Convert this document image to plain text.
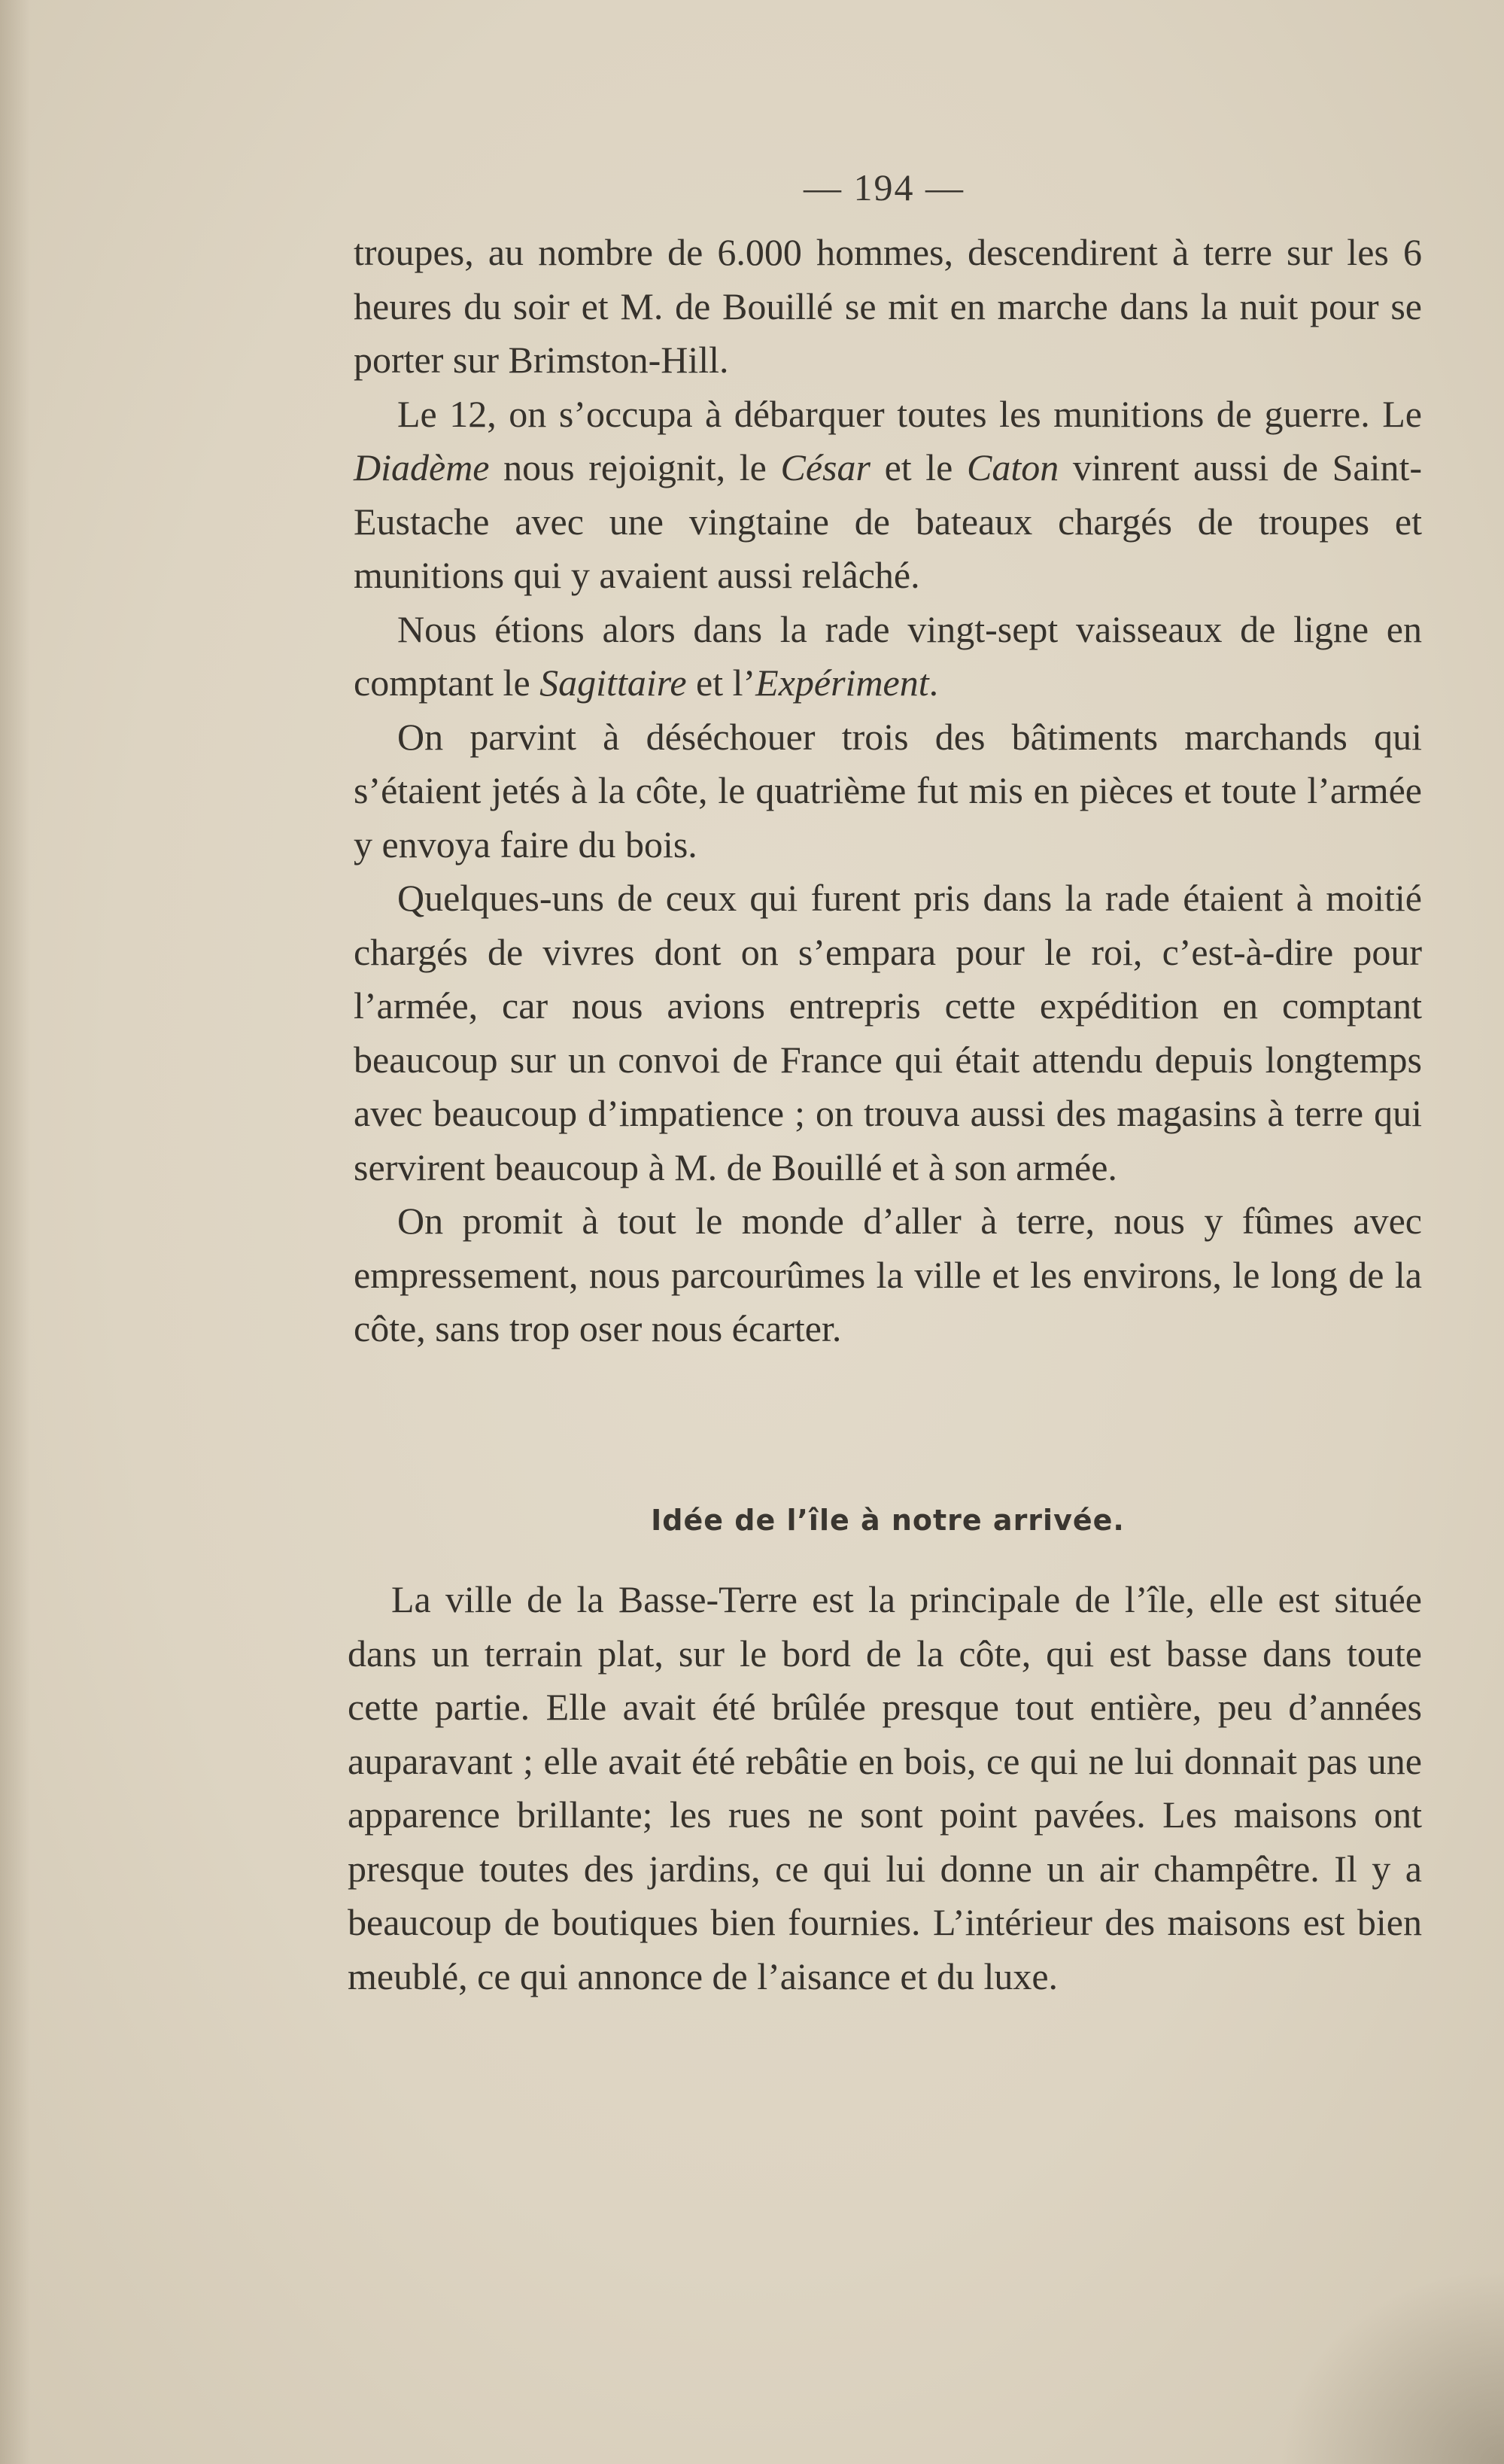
— 194 —

troupes, au nombre de 6.000 hommes, descendirent à terre sur les 6 heures du soir et M. de Bouillé se mit en marche dans la nuit pour se porter sur Brimston-Hill.

Le 12, on s’occupa à débarquer toutes les munitions de guerre. Le Diadème nous rejoignit, le César et le Caton vinrent aussi de Saint-Eustache avec une vingtaine de bateaux chargés de troupes et munitions qui y avaient aussi relâché.

Nous étions alors dans la rade vingt-sept vaisseaux de ligne en comptant le Sagittaire et l’Expériment.

On parvint à déséchouer trois des bâtiments marchands qui s’étaient jetés à la côte, le quatrième fut mis en pièces et toute l’armée y envoya faire du bois.

Quelques-uns de ceux qui furent pris dans la rade étaient à moitié chargés de vivres dont on s’empara pour le roi, c’est-à-dire pour l’armée, car nous avions entrepris cette expédition en comptant beaucoup sur un convoi de France qui était attendu depuis longtemps avec beaucoup d’impatience ; on trouva aussi des magasins à terre qui servirent beaucoup à M. de Bouillé et à son armée.

On promit à tout le monde d’aller à terre, nous y fûmes avec empressement, nous parcourûmes la ville et les environs, le long de la côte, sans trop oser nous écarter.

Idée de l’île à notre arrivée.

La ville de la Basse-Terre est la principale de l’île, elle est située dans un terrain plat, sur le bord de la côte, qui est basse dans toute cette partie. Elle avait été brûlée presque tout entière, peu d’années auparavant ; elle avait été rebâtie en bois, ce qui ne lui donnait pas une apparence brillante; les rues ne sont point pavées. Les maisons ont presque toutes des jardins, ce qui lui donne un air champêtre. Il y a beaucoup de boutiques bien fournies. L’intérieur des maisons est bien meublé, ce qui annonce de l’aisance et du luxe.
